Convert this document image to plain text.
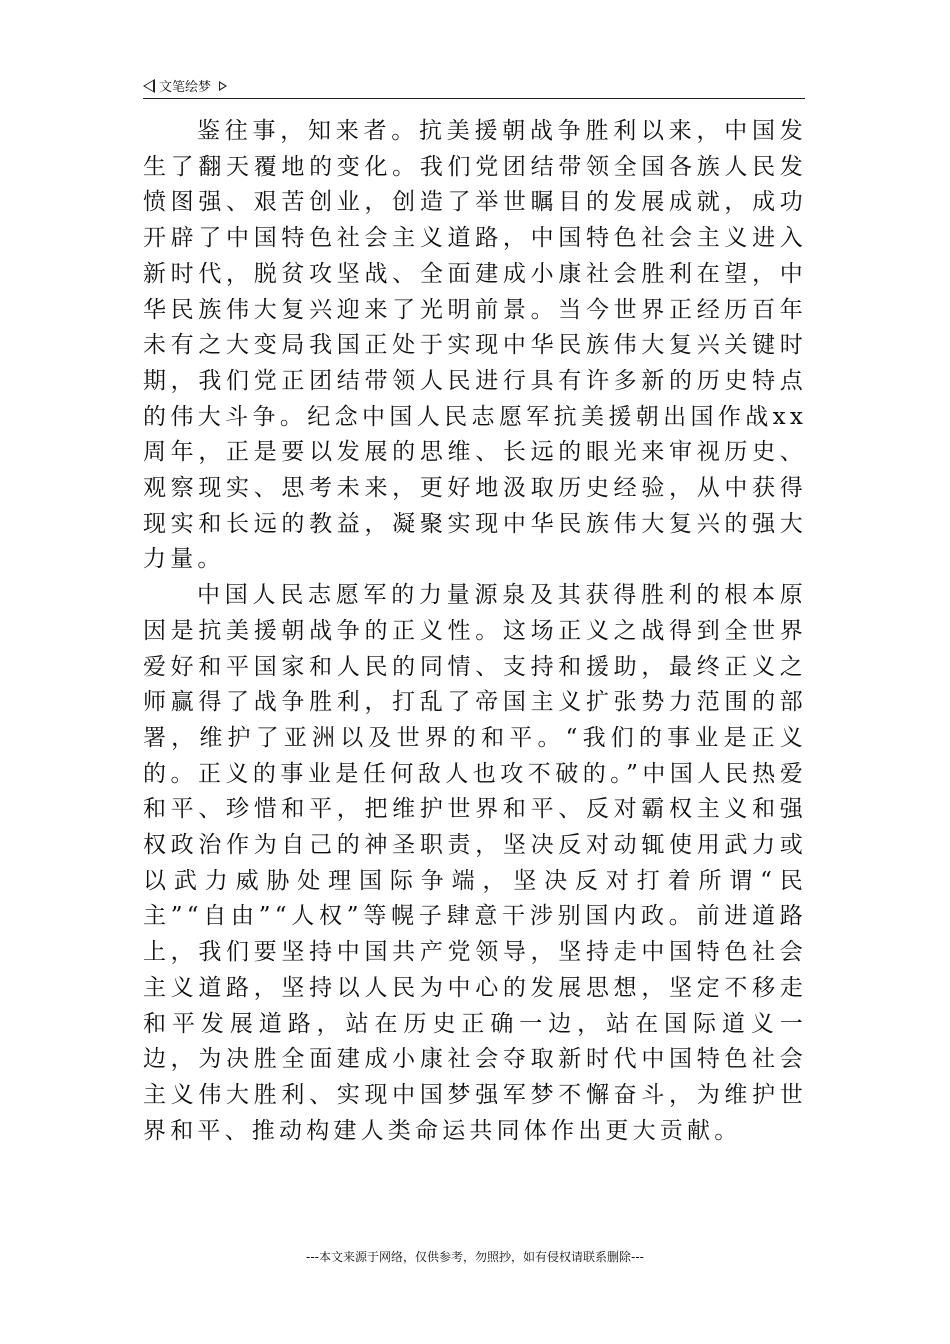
文笔绘梦

鉴往事，知来者。抗美援朝战争胜利以来，中国发生了翻天覆地的变化。我们党团结带领全国各族人民发愤图强、艰苦创业，创造了举世瞩目的发展成就，成功开辟了中国特色社会主义道路，中国特色社会主义进入新时代，脱贫攻坚战、全面建成小康社会胜利在望，中华民族伟大复兴迎来了光明前景。当今世界正经历百年未有之大变局我国正处于实现中华民族伟大复兴关键时期，我们党正团结带领人民进行具有许多新的历史特点的伟大斗争。纪念中国人民志愿军抗美援朝出国作战xx周年，正是要以发展的思维、长远的眼光来审视历史、观察现实、思考未来，更好地汲取历史经验，从中获得现实和长远的教益，凝聚实现中华民族伟大复兴的强大力量。

中国人民志愿军的力量源泉及其获得胜利的根本原因是抗美援朝战争的正义性。这场正义之战得到全世界爱好和平国家和人民的同情、支持和援助，最终正义之师赢得了战争胜利，打乱了帝国主义扩张势力范围的部署，维护了亚洲以及世界的和平。“我们的事业是正义的。正义的事业是任何敌人也攻不破的。”中国人民热爱和平、珍惜和平，把维护世界和平、反对霸权主义和强权政治作为自己的神圣职责，坚决反对动辄使用武力或以武力威胁处理国际争端，坚决反对打着所谓“民主”“自由”“人权”等幌子肆意干涉别国内政。前进道路上，我们要坚持中国共产党领导，坚持走中国特色社会主义道路，坚持以人民为中心的发展思想，坚定不移走和平发展道路，站在历史正确一边，站在国际道义一边，为决胜全面建成小康社会夺取新时代中国特色社会主义伟大胜利、实现中国梦强军梦不懈奋斗，为维护世界和平、推动构建人类命运共同体作出更大贡献。

---本文来源于网络，仅供参考，勿照抄，如有侵权请联系删除---
